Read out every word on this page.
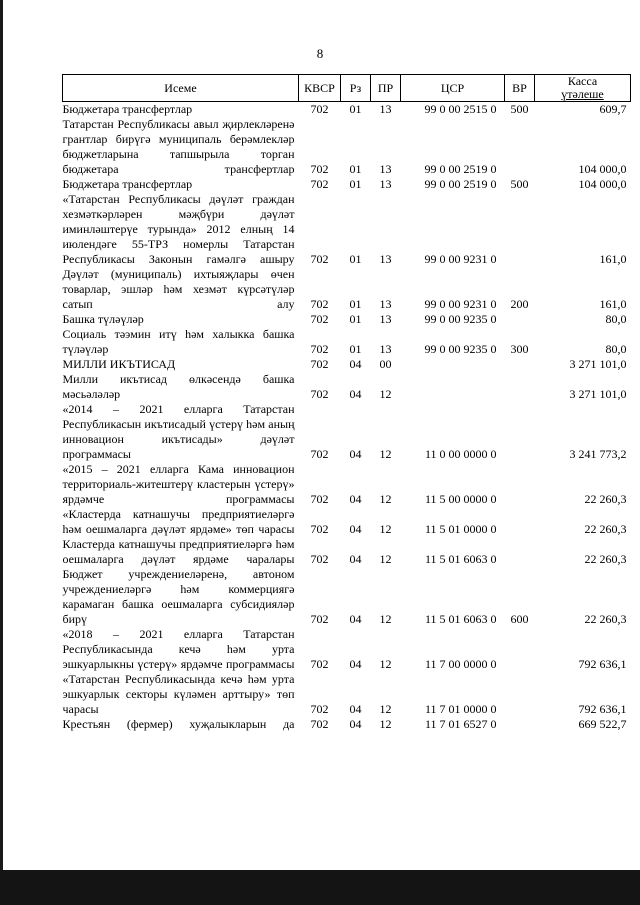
8
Исеме	КВСР	Рз	ПР	ЦСР	ВР	Касса
үтәлеше
Бюджетара трансфертлар	702	01	13	99 0 00 2515 0	500	609,7
Татарстан Республикасы авыл җирлекләренә грантлар бирүгә муниципаль берәмлекләр бюджетларына тапшырыла торган бюджетара трансфертлар	702	01	13	99 0 00 2519 0		104 000,0
Бюджетара трансфертлар	702	01	13	99 0 00 2519 0	500	104 000,0
«Татарстан Республикасы дәүләт граждан хезмәткәрләрен мәҗбүри дәүләт иминләштерүе турында» 2012 елның 14 июлендәге 55-ТРЗ номерлы Татарстан Республикасы Законын гамәлгә ашыру	702	01	13	99 0 00 9231 0		161,0
Дәүләт (муниципаль) ихтыяҗлары өчен товарлар, эшләр һәм хезмәт күрсәтүләр сатып алу	702	01	13	99 0 00 9231 0	200	161,0
Башка түләүләр	702	01	13	99 0 00 9235 0		80,0
Социаль тәэмин итү һәм халыкка башка түләүләр	702	01	13	99 0 00 9235 0	300	80,0
МИЛЛИ ИКЪТИСАД	702	04	00			3 271 101,0
Милли икътисад өлкәсендә башка мәсьәләләр	702	04	12			3 271 101,0
«2014 – 2021 елларга Татарстан Республикасын икътисадый үстерү һәм аның инновацион икътисады» дәүләт программасы	702	04	12	11 0 00 0000 0		3 241 773,2
«2015 – 2021 елларга Кама инновацион территориаль-житештерү кластерын үстерү» ярдәмче программасы	702	04	12	11 5 00 0000 0		22 260,3
«Кластерда катнашучы предприятиеләргә һәм оешмаларга дәүләт ярдәме» төп чарасы	702	04	12	11 5 01 0000 0		22 260,3
Кластерда катнашучы предприятиеләргә һәм оешмаларга дәүләт ярдәме чаралары	702	04	12	11 5 01 6063 0		22 260,3
Бюджет учреждениеләренә, автоном учреждениеләргә һәм коммерциягә карамаган башка оешмаларга субсидияләр бирү	702	04	12	11 5 01 6063 0	600	22 260,3
«2018 – 2021 елларга Татарстан Республикасында кечә һәм урта эшкуарлыкны үстерү» ярдәмче программасы	702	04	12	11 7 00 0000 0		792 636,1
«Татарстан Республикасында кечә һәм урта эшкуарлык секторы күләмен арттыру» төп чарасы	702	04	12	11 7 01 0000 0		792 636,1
Крестьян (фермер) хуҗалыкларын да	702	04	12	11 7 01 6527 0		669 522,7
